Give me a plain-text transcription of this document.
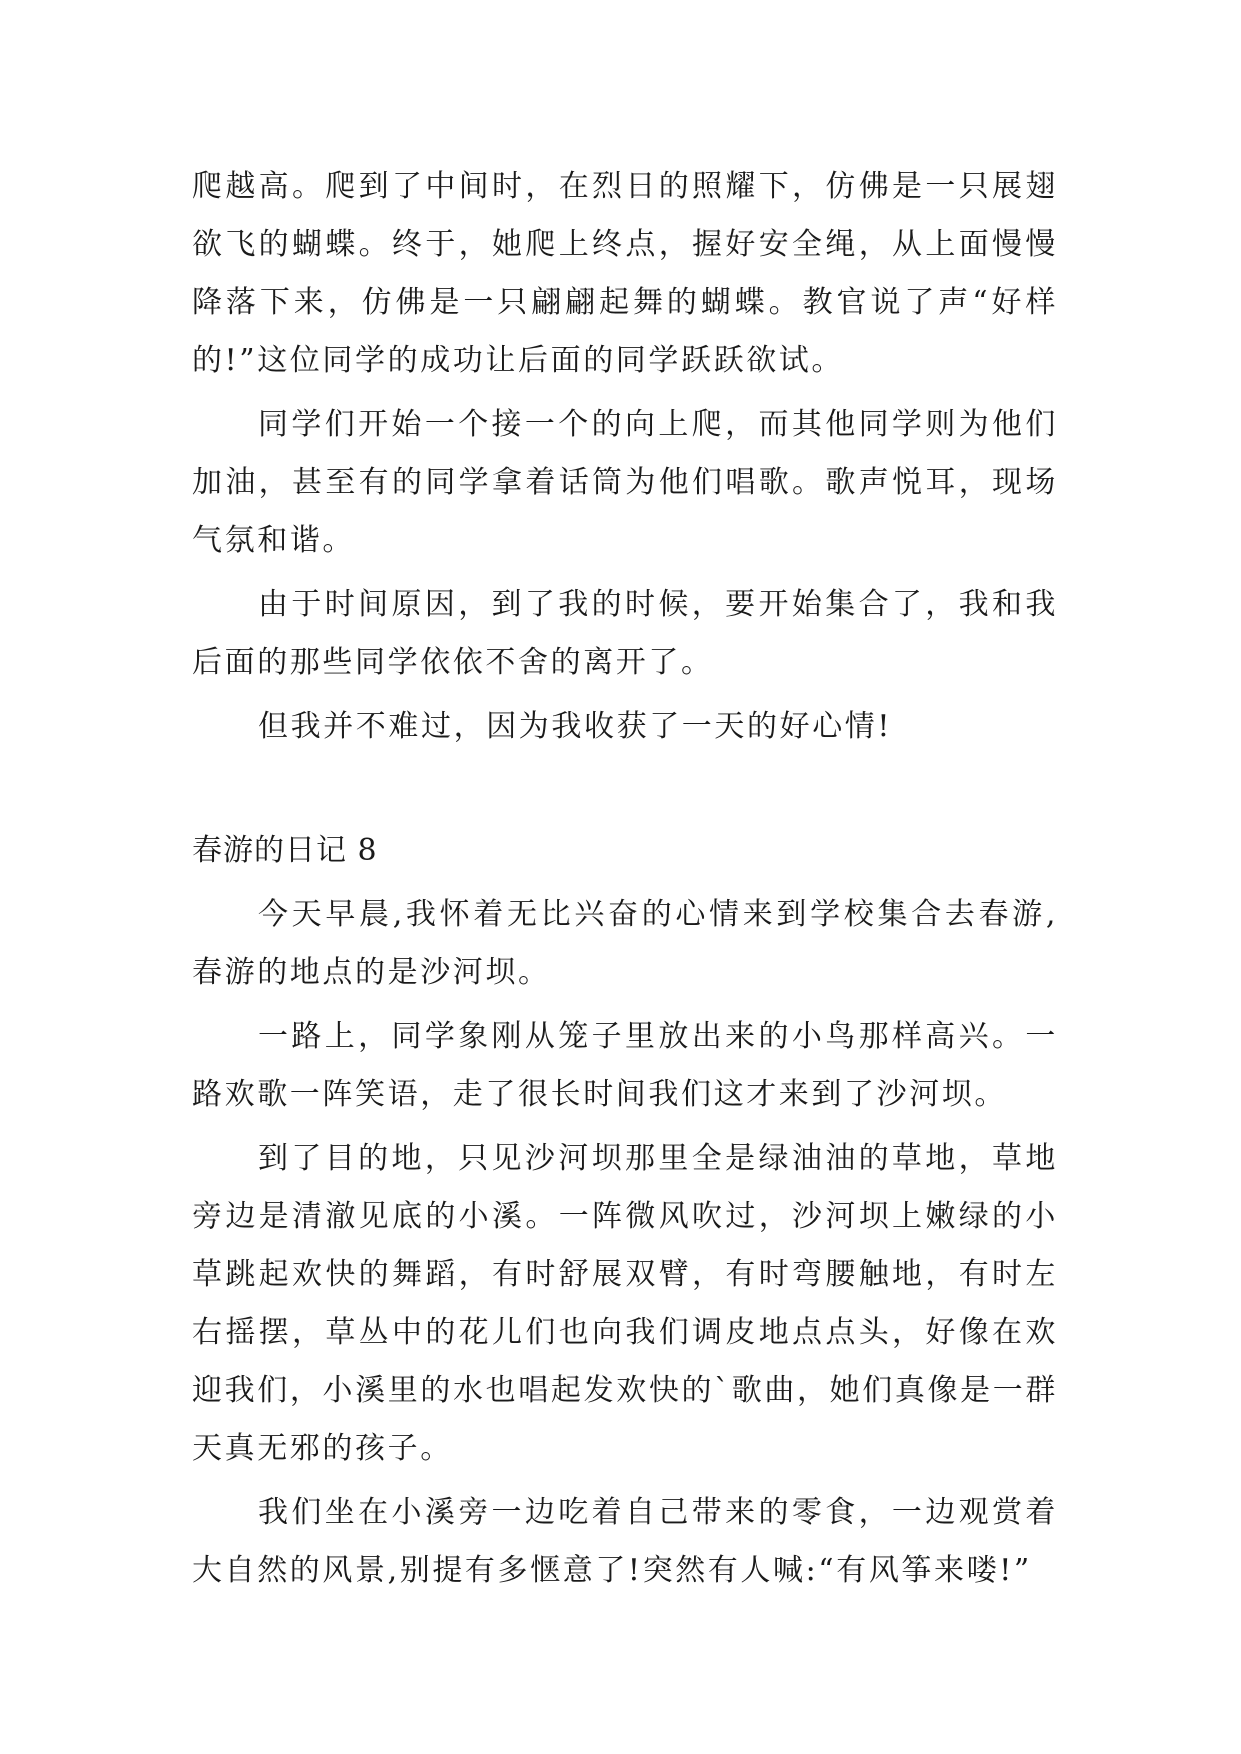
爬越高。爬到了中间时，在烈日的照耀下，仿佛是一只展翅欲飞的蝴蝶。终于，她爬上终点，握好安全绳，从上面慢慢降落下来，仿佛是一只翩翩起舞的蝴蝶。教官说了声“好样的!”这位同学的成功让后面的同学跃跃欲试。

同学们开始一个接一个的向上爬，而其他同学则为他们加油，甚至有的同学拿着话筒为他们唱歌。歌声悦耳，现场气氛和谐。

由于时间原因，到了我的时候，要开始集合了，我和我后面的那些同学依依不舍的离开了。

但我并不难过，因为我收获了一天的好心情!

春游的日记 8

今天早晨,我怀着无比兴奋的心情来到学校集合去春游,春游的地点的是沙河坝。

一路上，同学象刚从笼子里放出来的小鸟那样高兴。一路欢歌一阵笑语，走了很长时间我们这才来到了沙河坝。

到了目的地，只见沙河坝那里全是绿油油的草地，草地旁边是清澈见底的小溪。一阵微风吹过，沙河坝上嫩绿的小草跳起欢快的舞蹈，有时舒展双臂，有时弯腰触地，有时左右摇摆，草丛中的花儿们也向我们调皮地点点头，好像在欢迎我们，小溪里的水也唱起发欢快的`歌曲，她们真像是一群天真无邪的孩子。

我们坐在小溪旁一边吃着自己带来的零食，一边观赏着大自然的风景,别提有多惬意了!突然有人喊:“有风筝来喽!”
